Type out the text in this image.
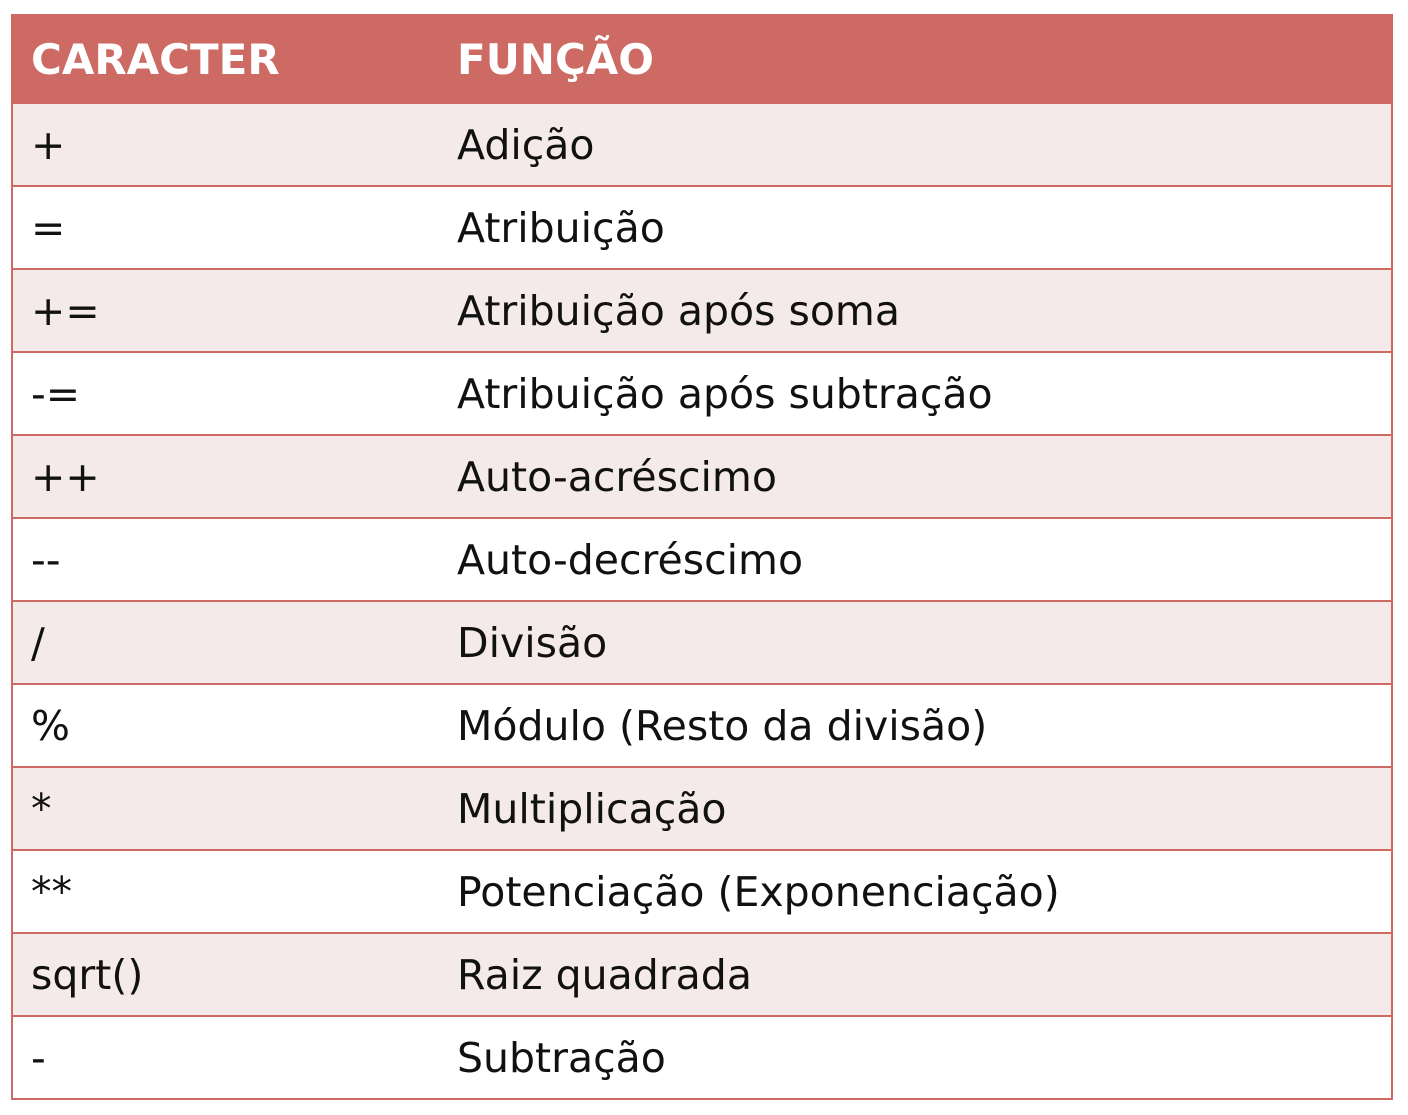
CARACTER	FUNÇÃO
+	Adição
=	Atribuição
+=	Atribuição após soma
-=	Atribuição após subtração
++	Auto-acréscimo
--	Auto-decréscimo
/	Divisão
%	Módulo (Resto da divisão)
*	Multiplicação
**	Potenciação (Exponenciação)
sqrt()	Raiz quadrada
-	Subtração
